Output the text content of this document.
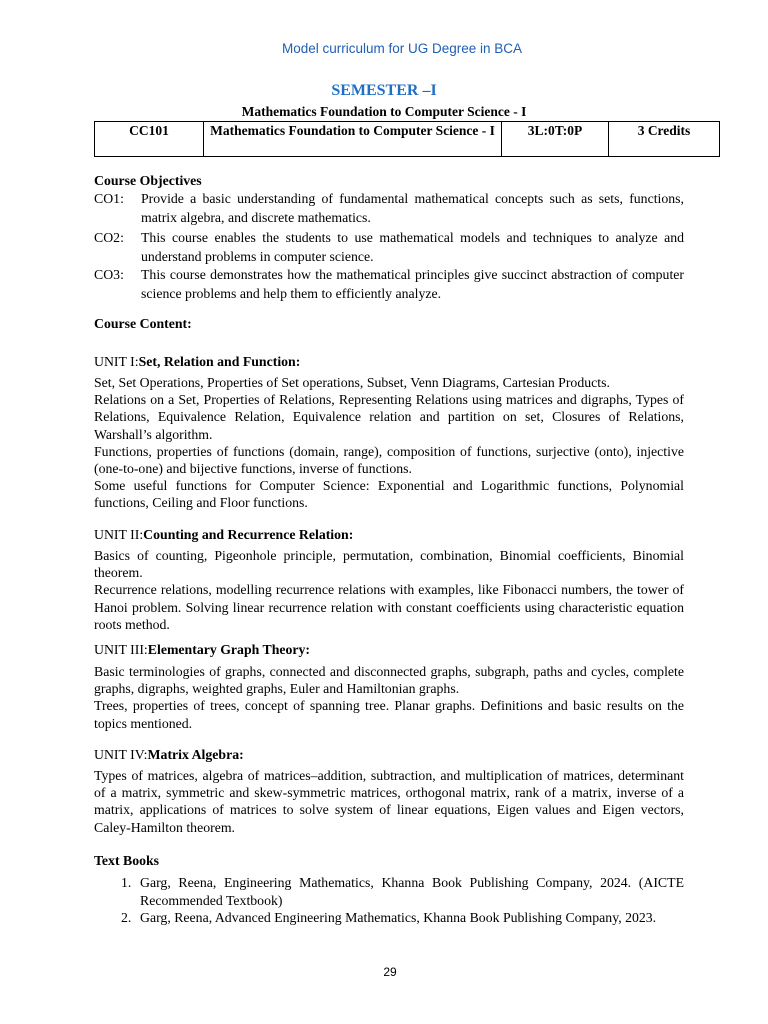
Model curriculum for UG Degree in BCA
SEMESTER –I
Mathematics Foundation to Computer Science - I
CC101	Mathematics Foundation to Computer Science - I	3L:0T:0P	3 Credits
Course Objectives
CO1: Provide a basic understanding of fundamental mathematical concepts such as sets, functions, matrix algebra, and discrete mathematics.
CO2: This course enables the students to use mathematical models and techniques to analyze and understand problems in computer science.
CO3: This course demonstrates how the mathematical principles give succinct abstraction of computer science problems and help them to efficiently analyze.
Course Content:
UNIT I:Set, Relation and Function:

Set, Set Operations, Properties of Set operations, Subset, Venn Diagrams, Cartesian Products.

Relations on a Set, Properties of Relations, Representing Relations using matrices and digraphs, Types of Relations, Equivalence Relation, Equivalence relation and partition on set, Closures of Relations, Warshall’s algorithm.

Functions, properties of functions (domain, range), composition of functions, surjective (onto), injective (one-to-one) and bijective functions, inverse of functions.

Some useful functions for Computer Science: Exponential and Logarithmic functions, Polynomial functions, Ceiling and Floor functions.

UNIT II:Counting and Recurrence Relation:

Basics of counting, Pigeonhole principle, permutation, combination, Binomial coefficients, Binomial theorem.

Recurrence relations, modelling recurrence relations with examples, like Fibonacci numbers, the tower of Hanoi problem. Solving linear recurrence relation with constant coefficients using characteristic equation roots method.

UNIT III:Elementary Graph Theory:

Basic terminologies of graphs, connected and disconnected graphs, subgraph, paths and cycles, complete graphs, digraphs, weighted graphs, Euler and Hamiltonian graphs.

Trees, properties of trees, concept of spanning tree. Planar graphs. Definitions and basic results on the topics mentioned.

UNIT IV:Matrix Algebra:

Types of matrices, algebra of matrices–addition, subtraction, and multiplication of matrices, determinant of a matrix, symmetric and skew-symmetric matrices, orthogonal matrix, rank of a matrix, inverse of a matrix, applications of matrices to solve system of linear equations, Eigen values and Eigen vectors, Caley-Hamilton theorem.

Text Books
1. Garg, Reena, Engineering Mathematics, Khanna Book Publishing Company, 2024. (AICTE Recommended Textbook)
2. Garg, Reena, Advanced Engineering Mathematics, Khanna Book Publishing Company, 2023.
29
